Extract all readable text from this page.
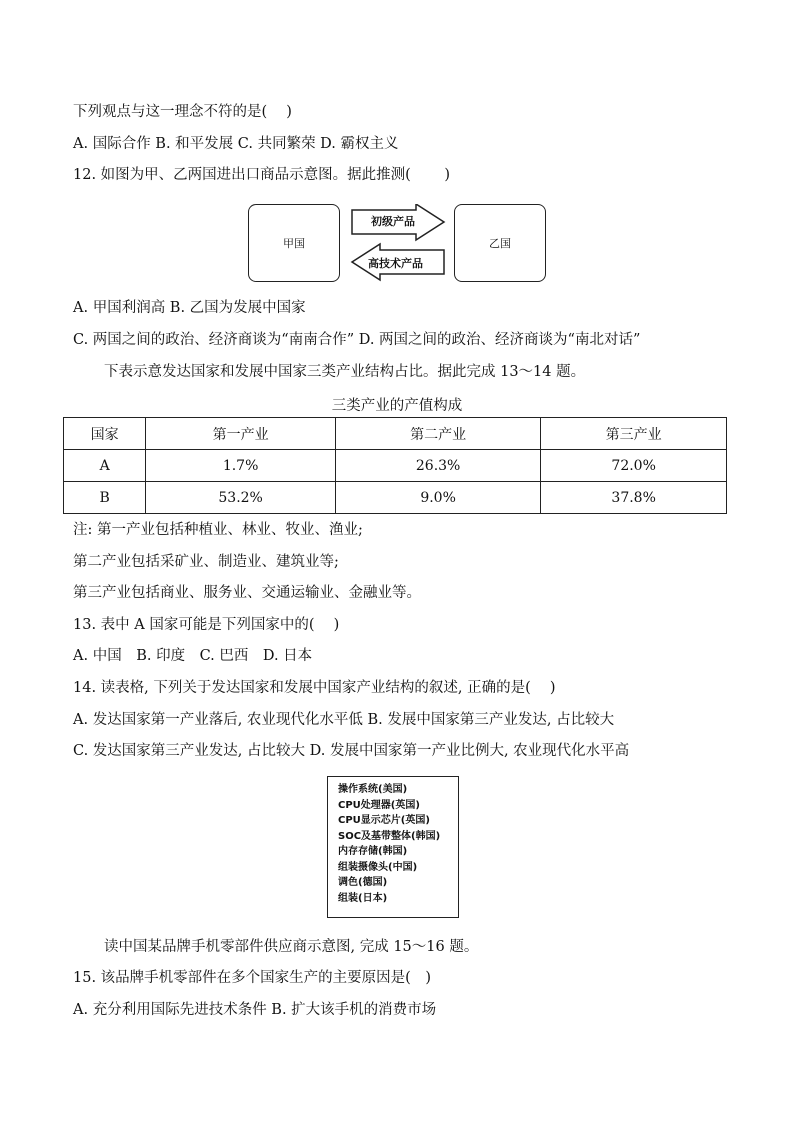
下列观点与这一理念不符的是(　 )
A. 国际合作 B. 和平发展 C. 共同繁荣 D. 霸权主义
12. 如图为甲、乙两国进出口商品示意图。据此推测(　 　)
甲国	乙国
初级产品
高技术产品
A. 甲国利润高 B. 乙国为发展中国家
C. 两国之间的政治、经济商谈为“南南合作” D. 两国之间的政治、经济商谈为“南北对话”
下表示意发达国家和发展中国家三类产业结构占比。据此完成 13～14 题。
三类产业的产值构成
国家	第一产业	第二产业	第三产业
A	1.7%	26.3%	72.0%
B	53.2%	9.0%	37.8%
注: 第一产业包括种植业、林业、牧业、渔业;
第二产业包括采矿业、制造业、建筑业等;
第三产业包括商业、服务业、交通运输业、金融业等。
13. 表中 A 国家可能是下列国家中的(　 )
A. 中国　B. 印度　C. 巴西　D. 日本
14. 读表格, 下列关于发达国家和发展中国家产业结构的叙述, 正确的是(　 )
A. 发达国家第一产业落后, 农业现代化水平低 B. 发展中国家第三产业发达, 占比较大
C. 发达国家第三产业发达, 占比较大 D. 发展中国家第一产业比例大, 农业现代化水平高
操作系统(美国)
CPU处理器(英国)
CPU显示芯片(英国)
SOC及基带整体(韩国)
内存存储(韩国)
组装摄像头(中国)
调色(德国)
组装(日本)
读中国某品牌手机零部件供应商示意图, 完成 15～16 题。
15. 该品牌手机零部件在多个国家生产的主要原因是(　)
A. 充分利用国际先进技术条件 B. 扩大该手机的消费市场
